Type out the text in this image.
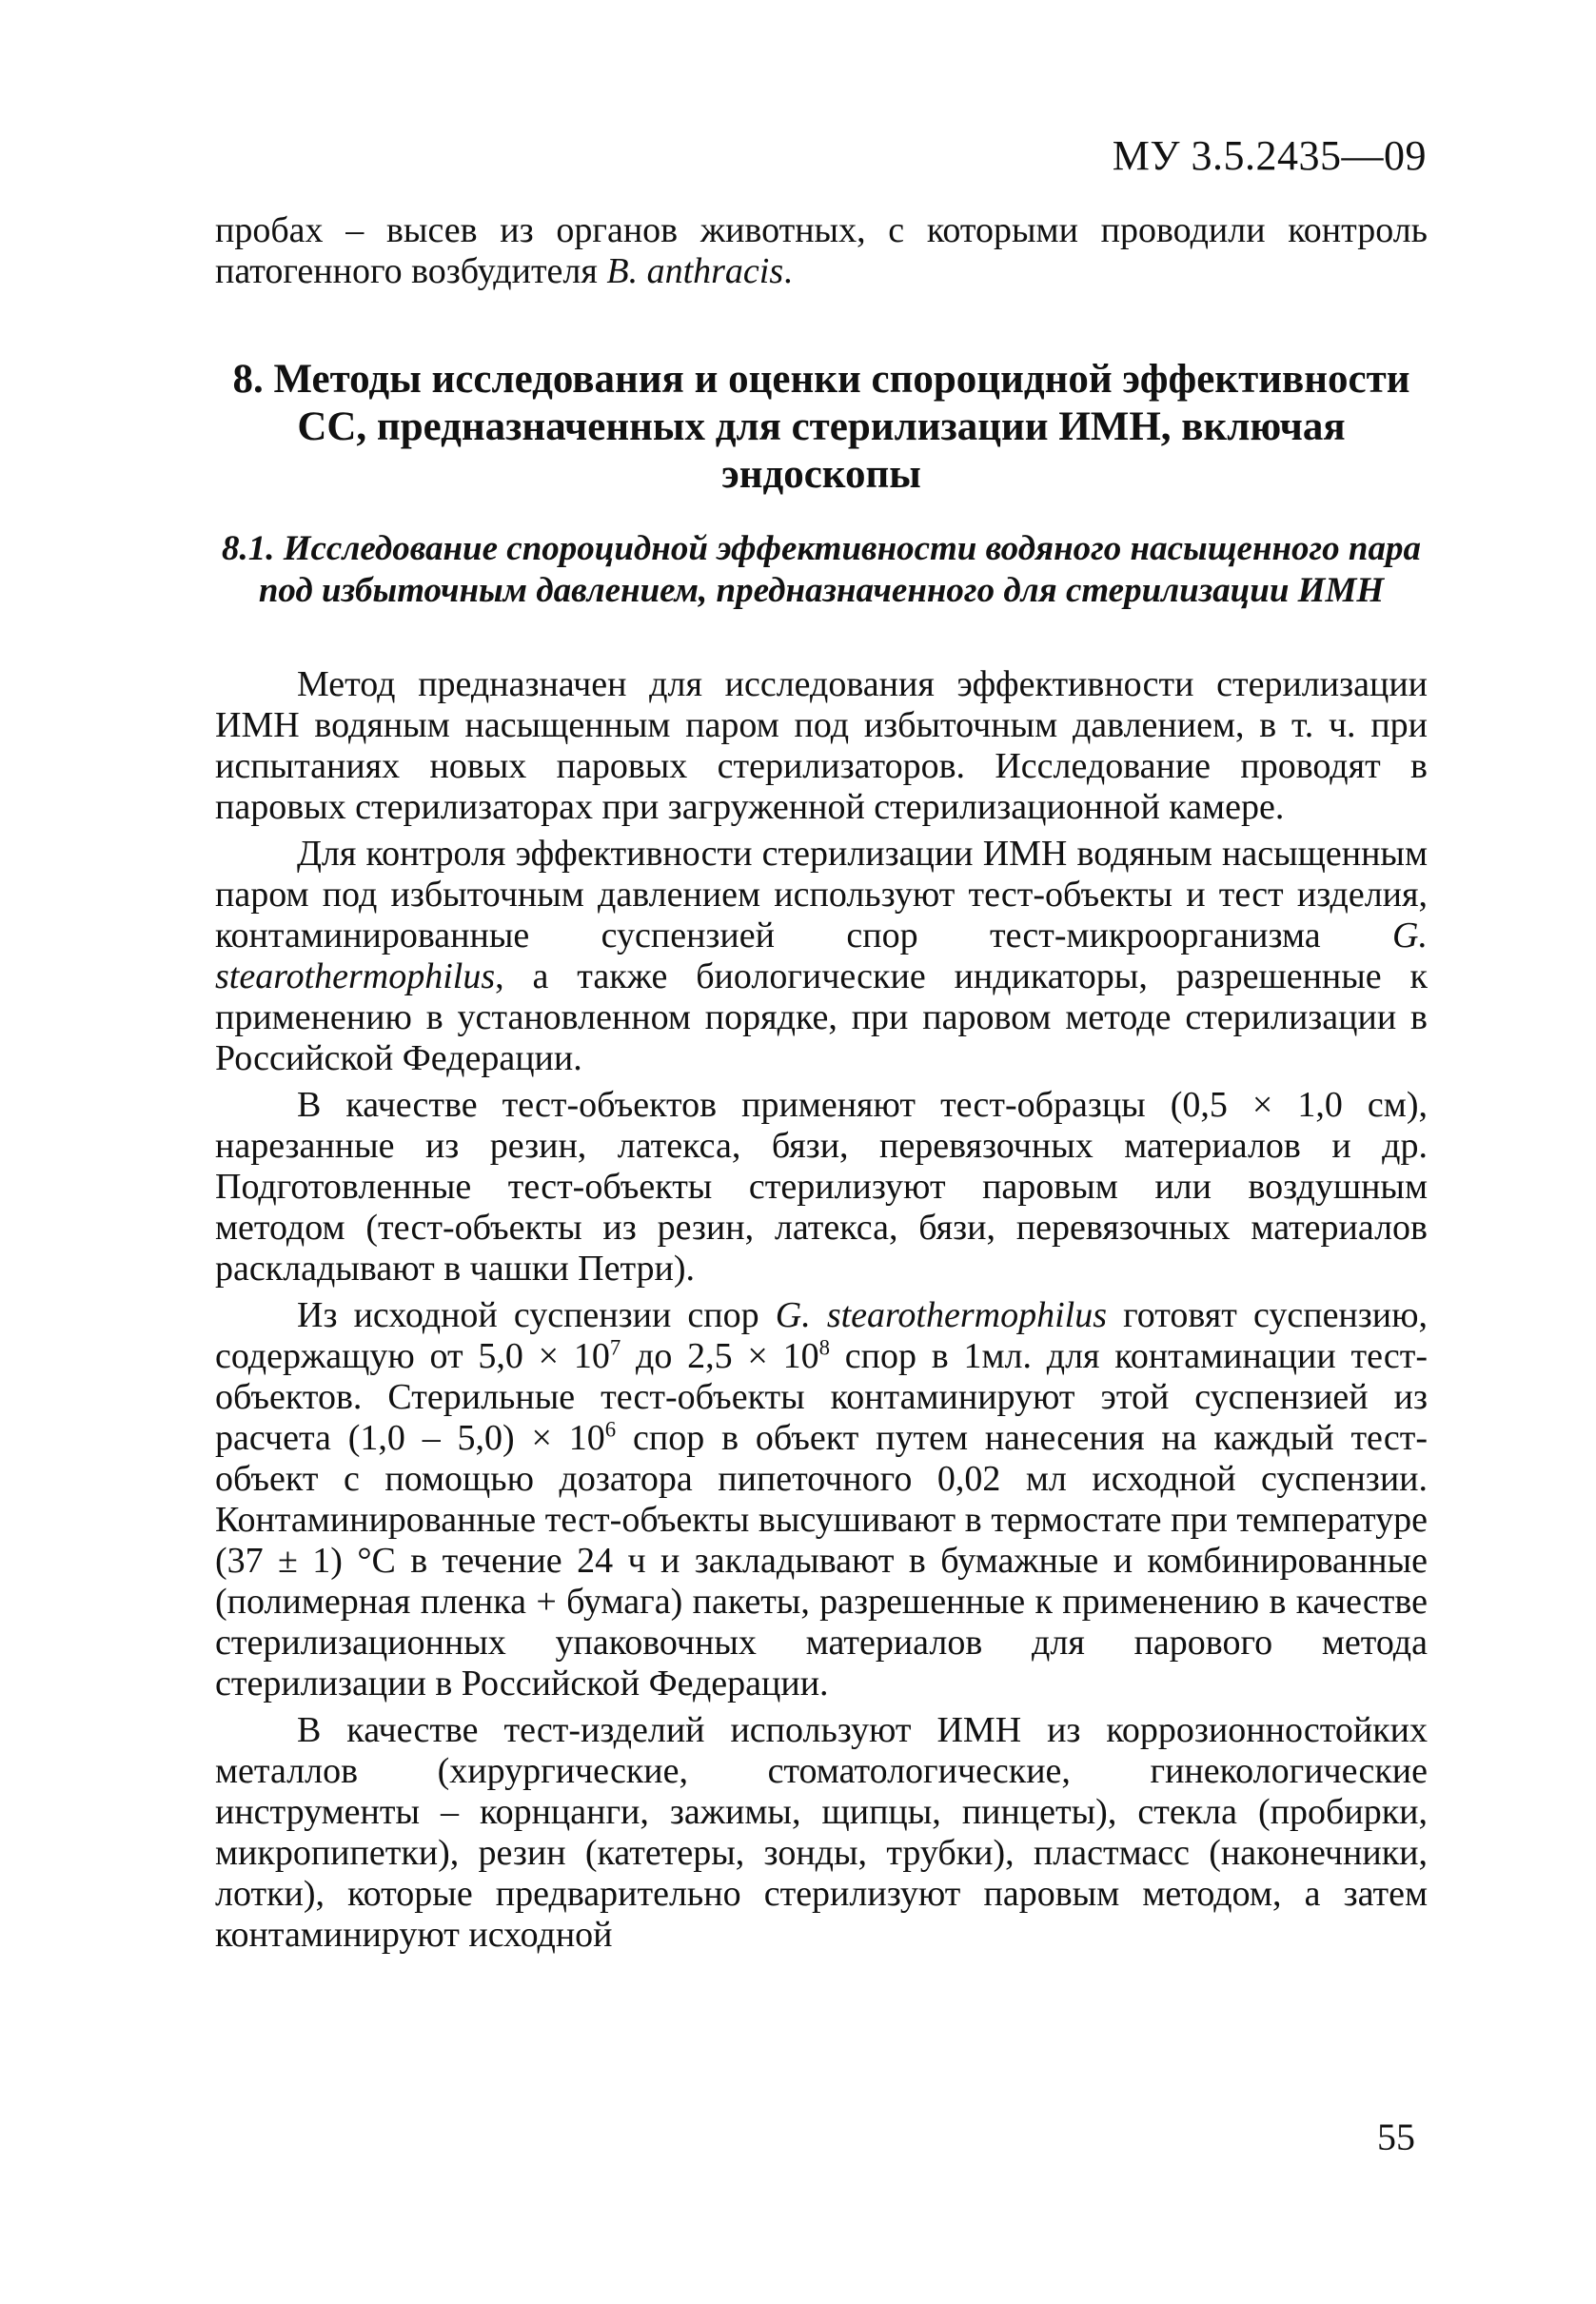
МУ 3.5.2435—09
пробах – высев из органов животных, с которыми проводили контроль патогенного возбудителя B. anthracis.
8. Методы исследования и оценки спороцидной эффективности СС, предназначенных для стерилизации ИМН, включая эндоскопы
8.1. Исследование спороцидной эффективности водяного насыщенного пара под избыточным давлением, предназначенного для стерилизации ИМН

Метод предназначен для исследования эффективности стерилизации ИМН водяным насыщенным паром под избыточным давлением, в т. ч. при испытаниях новых паровых стерилизаторов. Исследование проводят в паровых стерилизаторах при загруженной стерилизационной камере.

Для контроля эффективности стерилизации ИМН водяным насыщенным паром под избыточным давлением используют тест-объекты и тест изделия, контаминированные суспензией спор тест-микроорганизма G. stearothermophilus, а также биологические индикаторы, разрешенные к применению в установленном порядке, при паровом методе стерилизации в Российской Федерации.

В качестве тест-объектов применяют тест-образцы (0,5 × 1,0 см), нарезанные из резин, латекса, бязи, перевязочных материалов и др. Подготовленные тест-объекты стерилизуют паровым или воздушным методом (тест-объекты из резин, латекса, бязи, перевязочных материалов раскладывают в чашки Петри).

Из исходной суспензии спор G. stearothermophilus готовят суспензию, содержащую от $5,0 \times 10^7$ до $2,5 \times 10^8$ спор в 1мл. для контаминации тест-объектов. Стерильные тест-объекты контаминируют этой суспензией из расчета $(1,0 - 5,0) \times 10^6$ спор в объект путем нанесения на каждый тест-объект с помощью дозатора пипеточного 0,02 мл исходной суспензии. Контаминированные тест-объекты высушивают в термостате при температуре (37 ± 1) °С в течение 24 ч и закладывают в бумажные и комбинированные (полимерная пленка + бумага) пакеты, разрешенные к применению в качестве стерилизационных упаковочных материалов для парового метода стерилизации в Российской Федерации.

В качестве тест-изделий используют ИМН из коррозионностойких металлов (хирургические, стоматологические, гинекологические инструменты – корнцанги, зажимы, щипцы, пинцеты), стекла (пробирки, микропипетки), резин (катетеры, зонды, трубки), пластмасс (наконечники, лотки), которые предварительно стерилизуют паровым методом, а затем контаминируют исходной

55
